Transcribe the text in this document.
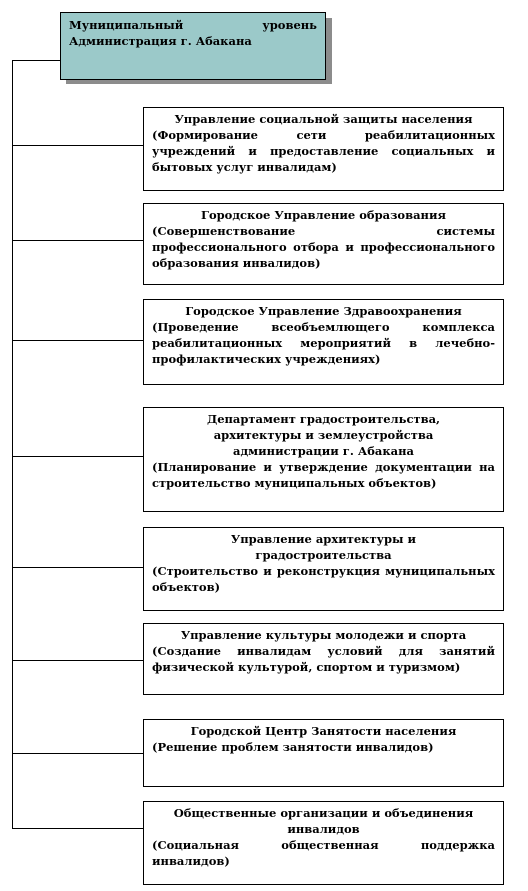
Муниципальный уровень
Администрация г. Абакана
Управление социальной защиты населения
(Формирование сети реабилитационных учреждений и предоставление социальных и бытовых услуг инвалидам)
Городское Управление образования
(Совершенствование системы профессионального отбора и профессионального образования инвалидов)
Городское Управление Здравоохранения
(Проведение всеобъемлющего комплекса реабилитационных мероприятий в лечебно-профилактических учреждениях)
Департамент градостроительства, архитектуры и землеустройства администрации г. Абакана
(Планирование и утверждение документации на строительство муниципальных объектов)
Управление архитектуры и градостроительства
(Строительство и реконструкция муниципальных объектов)
Управление культуры молодежи и спорта
(Создание инвалидам условий для занятий физической культурой, спортом и туризмом)
Городской Центр Занятости населения
(Решение проблем занятости инвалидов)
Общественные организации и объединения инвалидов
(Социальная общественная поддержка инвалидов)
